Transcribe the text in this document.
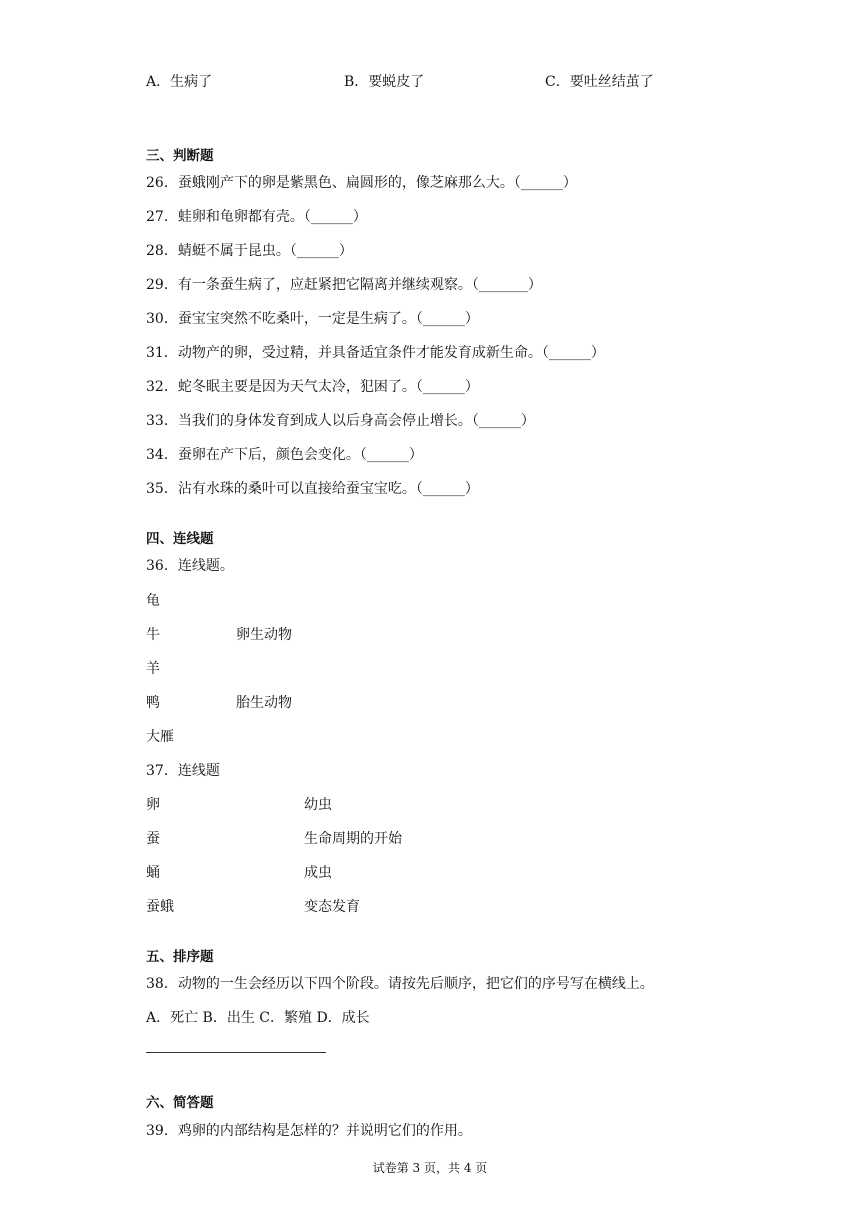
A．生病了	B．要蜕皮了	C．要吐丝结茧了
三、判断题
26．蚕蛾刚产下的卵是紫黑色、扁圆形的，像芝麻那么大。（______）
27．蛙卵和龟卵都有壳。（______）
28．蜻蜓不属于昆虫。（______）
29．有一条蚕生病了，应赶紧把它隔离并继续观察。（_______）
30．蚕宝宝突然不吃桑叶，一定是生病了。（______）
31．动物产的卵，受过精，并具备适宜条件才能发育成新生命。（______）
32．蛇冬眠主要是因为天气太冷，犯困了。（______）
33．当我们的身体发育到成人以后身高会停止增长。（______）
34．蚕卵在产下后，颜色会变化。（______）
35．沾有水珠的桑叶可以直接给蚕宝宝吃。（______）
四、连线题
36．连线题。
龟
牛	卵生动物
羊
鸭	胎生动物
大雁
37．连线题
卵	幼虫
蚕	生命周期的开始
蛹	成虫
蚕蛾	变态发育
五、排序题
38．动物的一生会经历以下四个阶段。请按先后顺序，把它们的序号写在横线上。
A．死亡 B．出生 C．繁殖 D．成长
六、简答题
39．鸡卵的内部结构是怎样的？并说明它们的作用。
试卷第 3 页，共 4 页
